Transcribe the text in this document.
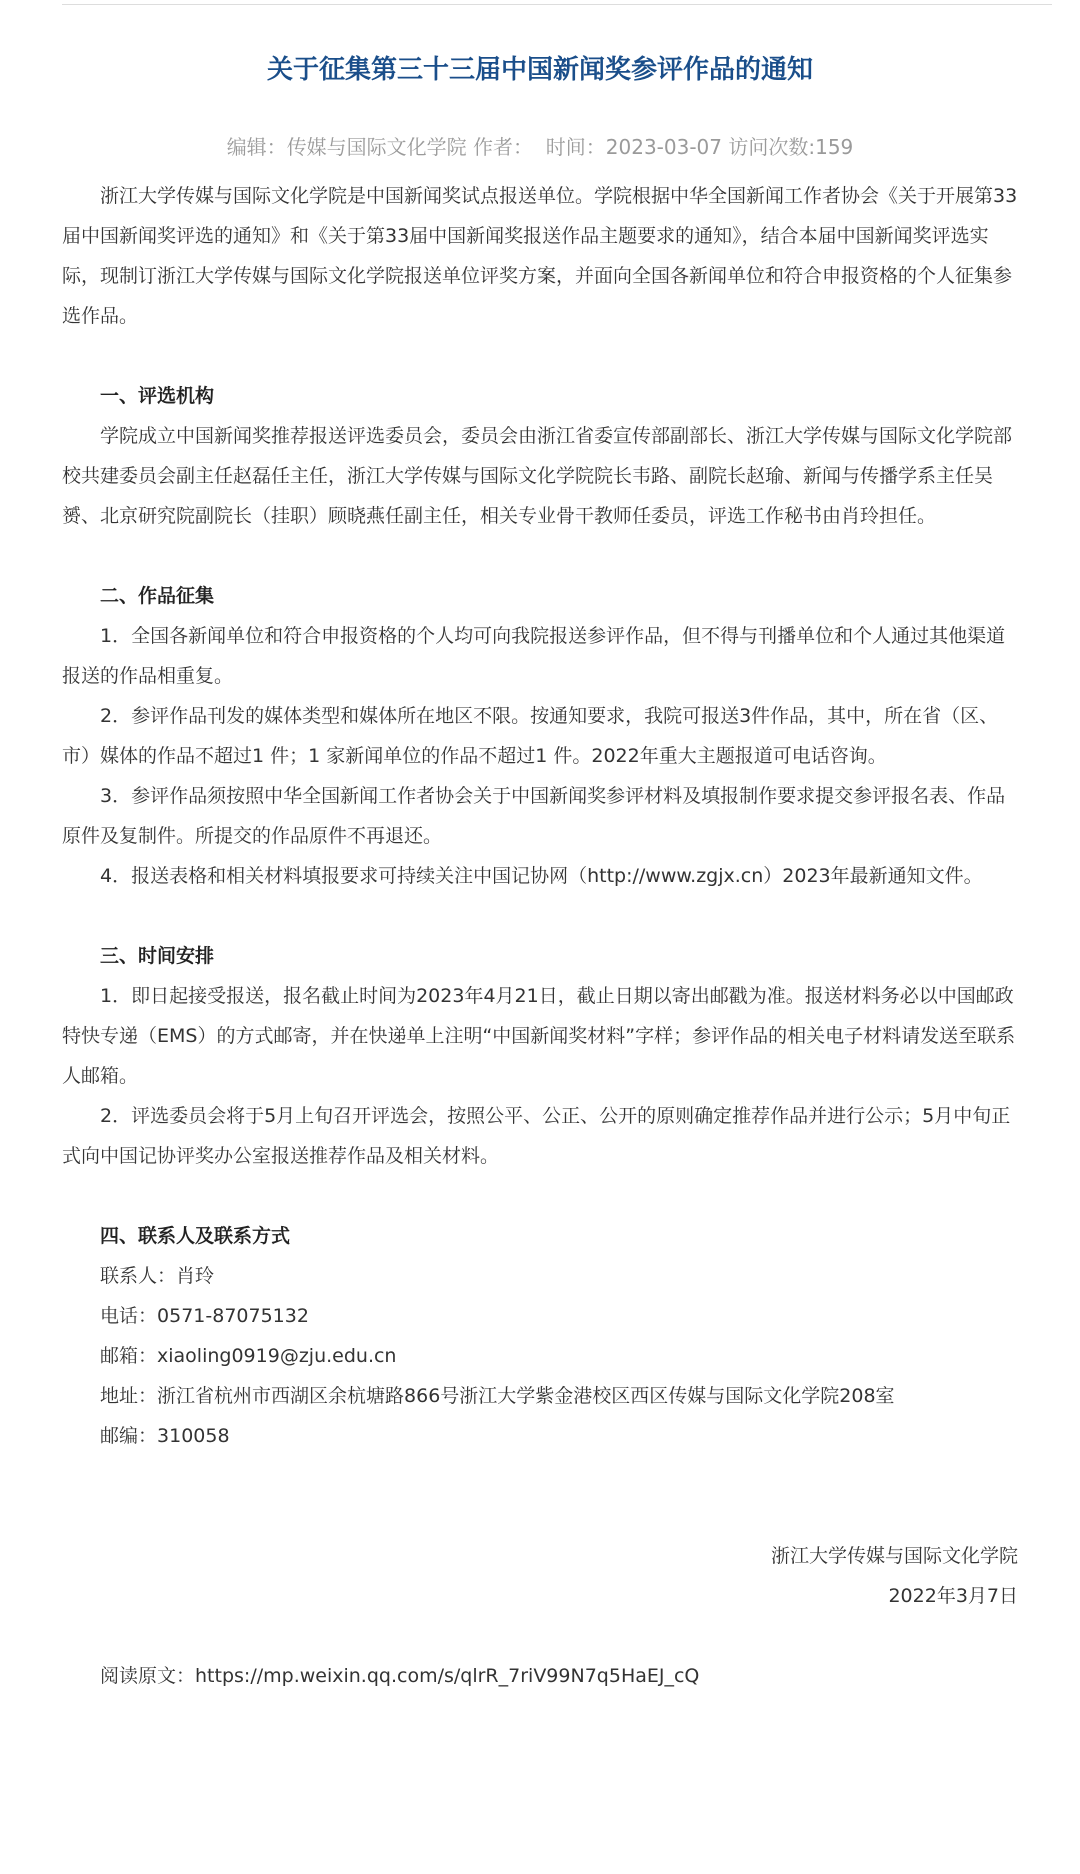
关于征集第三十三届中国新闻奖参评作品的通知
编辑：传媒与国际文化学院 作者： 时间：2023-03-07 访问次数:159

浙江大学传媒与国际文化学院是中国新闻奖试点报送单位。学院根据中华全国新闻工作者协会《关于开展第33届中国新闻奖评选的通知》和《关于第33届中国新闻奖报送作品主题要求的通知》，结合本届中国新闻奖评选实际，现制订浙江大学传媒与国际文化学院报送单位评奖方案，并面向全国各新闻单位和符合申报资格的个人征集参选作品。

一、评选机构

学院成立中国新闻奖推荐报送评选委员会，委员会由浙江省委宣传部副部长、浙江大学传媒与国际文化学院部校共建委员会副主任赵磊任主任，浙江大学传媒与国际文化学院院长韦路、副院长赵瑜、新闻与传播学系主任吴赟、北京研究院副院长（挂职）顾晓燕任副主任，相关专业骨干教师任委员，评选工作秘书由肖玲担任。

二、作品征集

1．全国各新闻单位和符合申报资格的个人均可向我院报送参评作品，但不得与刊播单位和个人通过其他渠道报送的作品相重复。

2．参评作品刊发的媒体类型和媒体所在地区不限。按通知要求，我院可报送3件作品，其中，所在省（区、市）媒体的作品不超过1 件；1 家新闻单位的作品不超过1 件。2022年重大主题报道可电话咨询。

3．参评作品须按照中华全国新闻工作者协会关于中国新闻奖参评材料及填报制作要求提交参评报名表、作品原件及复制件。所提交的作品原件不再退还。

4．报送表格和相关材料填报要求可持续关注中国记协网（http://www.zgjx.cn）2023年最新通知文件。

三、时间安排

1．即日起接受报送，报名截止时间为2023年4月21日，截止日期以寄出邮戳为准。报送材料务必以中国邮政特快专递（EMS）的方式邮寄，并在快递单上注明“中国新闻奖材料”字样；参评作品的相关电子材料请发送至联系人邮箱。

2．评选委员会将于5月上旬召开评选会，按照公平、公正、公开的原则确定推荐作品并进行公示；5月中旬正式向中国记协评奖办公室报送推荐作品及相关材料。

四、联系人及联系方式

联系人：肖玲

电话：0571-87075132

邮箱：xiaoling0919@zju.edu.cn

地址：浙江省杭州市西湖区余杭塘路866号浙江大学紫金港校区西区传媒与国际文化学院208室

邮编：310058

浙江大学传媒与国际文化学院

2022年3月7日

阅读原文：https://mp.weixin.qq.com/s/qlrR_7riV99N7q5HaEJ_cQ
